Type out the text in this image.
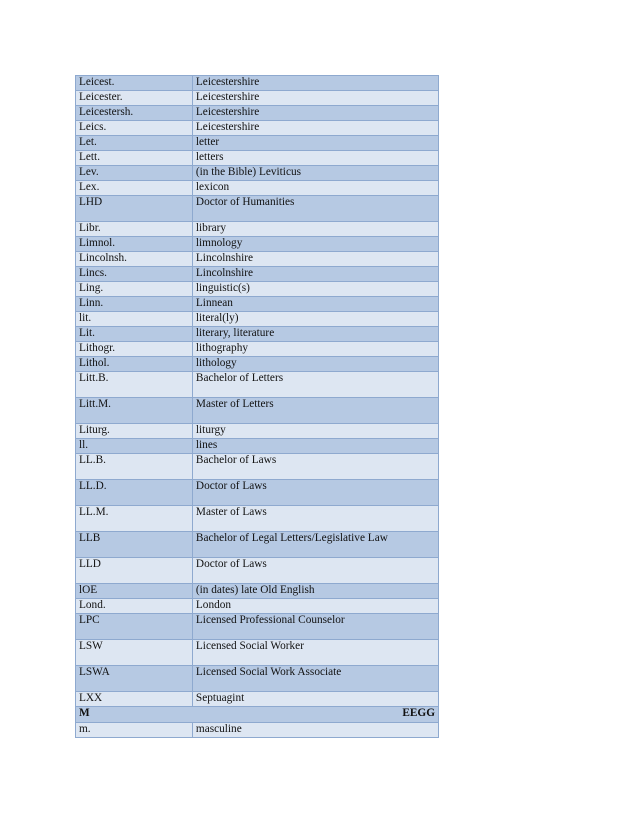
Leicest.	Leicestershire
Leicester.	Leicestershire
Leicestersh.	Leicestershire
Leics.	Leicestershire
Let.	letter
Lett.	letters
Lev.	(in the Bible) Leviticus
Lex.	lexicon
LHD	Doctor of Humanities
Libr.	library
Limnol.	limnology
Lincolnsh.	Lincolnshire
Lincs.	Lincolnshire
Ling.	linguistic(s)
Linn.	Linnean
lit.	literal(ly)
Lit.	literary, literature
Lithogr.	lithography
Lithol.	lithology
Litt.B.	Bachelor of Letters
Litt.M.	Master of Letters
Liturg.	liturgy
ll.	lines
LL.B.	Bachelor of Laws
LL.D.	Doctor of Laws
LL.M.	Master of Laws
LLB	Bachelor of Legal Letters/Legislative Law
LLD	Doctor of Laws
lOE	(in dates) late Old English
Lond.	London
LPC	Licensed Professional Counselor
LSW	Licensed Social Worker
LSWA	Licensed Social Work Associate
LXX	Septuagint
M EEGG	

m.	masculine
